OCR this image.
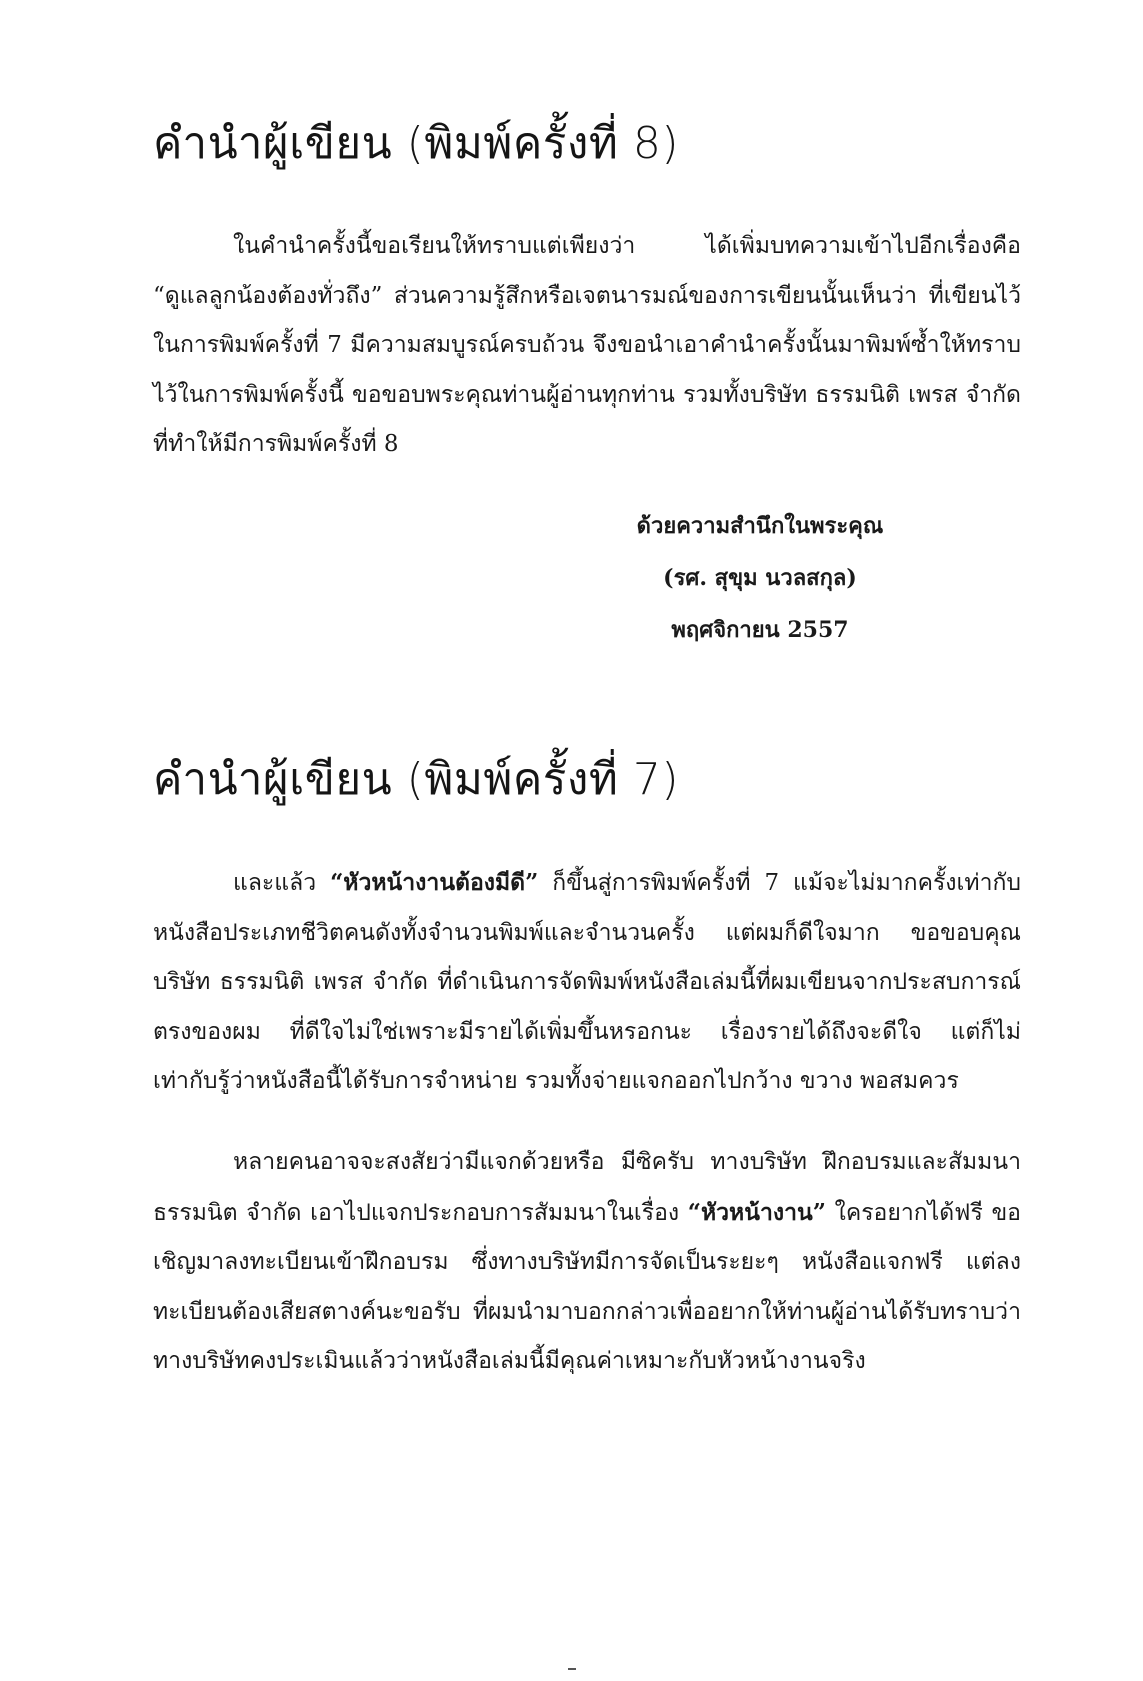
คำนำผู้เขียน (พิมพ์ครั้งที่ 8)

ในคำนำครั้งนี้ขอเรียนให้ทราบแต่เพียงว่า ได้เพิ่มบทความเข้าไปอีกเรื่องคือ “ดูแลลูกน้องต้องทั่วถึง” ส่วนความรู้สึกหรือเจตนารมณ์ของการเขียนนั้นเห็นว่า ที่เขียนไว้ในการพิมพ์ครั้งที่ 7 มีความสมบูรณ์ครบถ้วน จึงขอนำเอาคำนำครั้งนั้นมาพิมพ์ซ้ำให้ทราบไว้ในการพิมพ์ครั้งนี้ ขอขอบพระคุณท่านผู้อ่านทุกท่าน รวมทั้งบริษัท ธรรมนิติ เพรส จำกัด ที่ทำให้มีการพิมพ์ครั้งที่ 8

ด้วยความสำนึกในพระคุณ
(รศ. สุขุม นวลสกุล)
พฤศจิกายน 2557
คำนำผู้เขียน (พิมพ์ครั้งที่ 7)

และแล้ว “หัวหน้างานต้องมีดี” ก็ขึ้นสู่การพิมพ์ครั้งที่ 7 แม้จะไม่มากครั้งเท่ากับหนังสือประเภทชีวิตคนดังทั้งจำนวนพิมพ์และจำนวนครั้ง แต่ผมก็ดีใจมาก ขอขอบคุณ บริษัท ธรรมนิติ เพรส จำกัด ที่ดำเนินการจัดพิมพ์หนังสือเล่มนี้ที่ผมเขียนจากประสบการณ์ตรงของผม ที่ดีใจไม่ใช่เพราะมีรายได้เพิ่มขึ้นหรอกนะ เรื่องรายได้ถึงจะดีใจ แต่ก็ไม่เท่ากับรู้ว่าหนังสือนี้ได้รับการจำหน่าย รวมทั้งจ่ายแจกออกไปกว้าง ขวาง พอสมควร

หลายคนอาจจะสงสัยว่ามีแจกด้วยหรือ มีซิครับ ทางบริษัท ฝึกอบรมและสัมมนาธรรมนิต จำกัด เอาไปแจกประกอบการสัมมนาในเรื่อง “หัวหน้างาน” ใครอยากได้ฟรี ขอเชิญมาลงทะเบียนเข้าฝึกอบรม ซึ่งทางบริษัทมีการจัดเป็นระยะๆ หนังสือแจกฟรี แต่ลงทะเบียนต้องเสียสตางค์นะขอรับ ที่ผมนำมาบอกกล่าวเพื่ออยากให้ท่านผู้อ่านได้รับทราบว่า ทางบริษัทคงประเมินแล้วว่าหนังสือเล่มนี้มีคุณค่าเหมาะกับหัวหน้างานจริง
